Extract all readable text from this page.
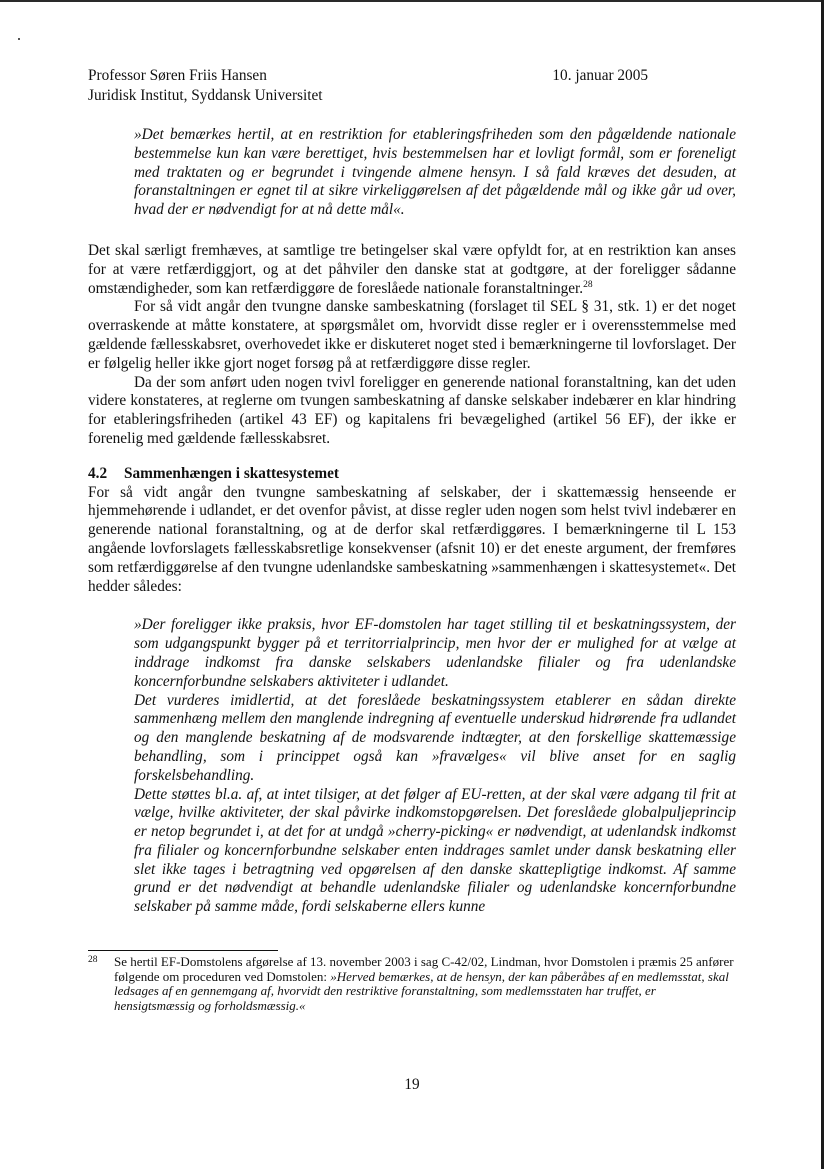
Professor Søren Friis Hansen
Juridisk Institut, Syddansk Universitet
10. januar 2005

»Det bemærkes hertil, at en restriktion for etableringsfriheden som den pågældende nationale bestemmelse kun kan være berettiget, hvis bestemmelsen har et lovligt formål, som er foreneligt med traktaten og er begrundet i tvingende almene hensyn. I så fald kræves det desuden, at foranstaltningen er egnet til at sikre virkeliggørelsen af det pågældende mål og ikke går ud over, hvad der er nødvendigt for at nå dette mål«.

Det skal særligt fremhæves, at samtlige tre betingelser skal være opfyldt for, at en restriktion kan anses for at være retfærdiggjort, og at det påhviler den danske stat at godtgøre, at der foreligger sådanne omstændigheder, som kan retfærdiggøre de foreslåede nationale foranstaltninger.$^{28}$

For så vidt angår den tvungne danske sambeskatning (forslaget til SEL § 31, stk. 1) er det noget overraskende at måtte konstatere, at spørgsmålet om, hvorvidt disse regler er i overensstemmelse med gældende fællesskabsret, overhovedet ikke er diskuteret noget sted i bemærkningerne til lovforslaget. Der er følgelig heller ikke gjort noget forsøg på at retfærdiggøre disse regler.

Da der som anført uden nogen tvivl foreligger en generende national foranstaltning, kan det uden videre konstateres, at reglerne om tvungen sambeskatning af danske selskaber indebærer en klar hindring for etableringsfriheden (artikel 43 EF) og kapitalens fri bevægelighed (artikel 56 EF), der ikke er forenelig med gældende fællesskabsret.

4.2 Sammenhængen i skattesystemet

For så vidt angår den tvungne sambeskatning af selskaber, der i skattemæssig henseende er hjemmehørende i udlandet, er det ovenfor påvist, at disse regler uden nogen som helst tvivl indebærer en generende national foranstaltning, og at de derfor skal retfærdiggøres. I bemærkningerne til L 153 angående lovforslagets fællesskabsretlige konsekvenser (afsnit 10) er det eneste argument, der fremføres som retfærdiggørelse af den tvungne udenlandske sambeskatning »sammenhængen i skattesystemet«. Det hedder således:

»Der foreligger ikke praksis, hvor EF-domstolen har taget stilling til et beskatningssystem, der som udgangspunkt bygger på et territorrialprincip, men hvor der er mulighed for at vælge at inddrage indkomst fra danske selskabers udenlandske filialer og fra udenlandske koncernforbundne selskabers aktiviteter i udlandet.

Det vurderes imidlertid, at det foreslåede beskatningssystem etablerer en sådan direkte sammenhæng mellem den manglende indregning af eventuelle underskud hidrørende fra udlandet og den manglende beskatning af de modsvarende indtægter, at den forskellige skattemæssige behandling, som i princippet også kan »fravælges« vil blive anset for en saglig forskelsbehandling.

Dette støttes bl.a. af, at intet tilsiger, at det følger af EU-retten, at der skal være adgang til frit at vælge, hvilke aktiviteter, der skal påvirke indkomstopgørelsen. Det foreslåede globalpuljeprincip er netop begrundet i, at det for at undgå »cherry-picking« er nødvendigt, at udenlandsk indkomst fra filialer og koncernforbundne selskaber enten inddrages samlet under dansk beskatning eller slet ikke tages i betragtning ved opgørelsen af den danske skattepligtige indkomst. Af samme grund er det nødvendigt at behandle udenlandske filialer og udenlandske koncernforbundne selskaber på samme måde, fordi selskaberne ellers kunne

28 Se hertil EF-Domstolens afgørelse af 13. november 2003 i sag C-42/02, Lindman, hvor Domstolen i præmis 25 anfører følgende om proceduren ved Domstolen: »Herved bemærkes, at de hensyn, der kan påberåbes af en medlemsstat, skal ledsages af en gennemgang af, hvorvidt den restriktive foranstaltning, som medlemsstaten har truffet, er hensigtsmæssig og forholdsmæssig.«
19
